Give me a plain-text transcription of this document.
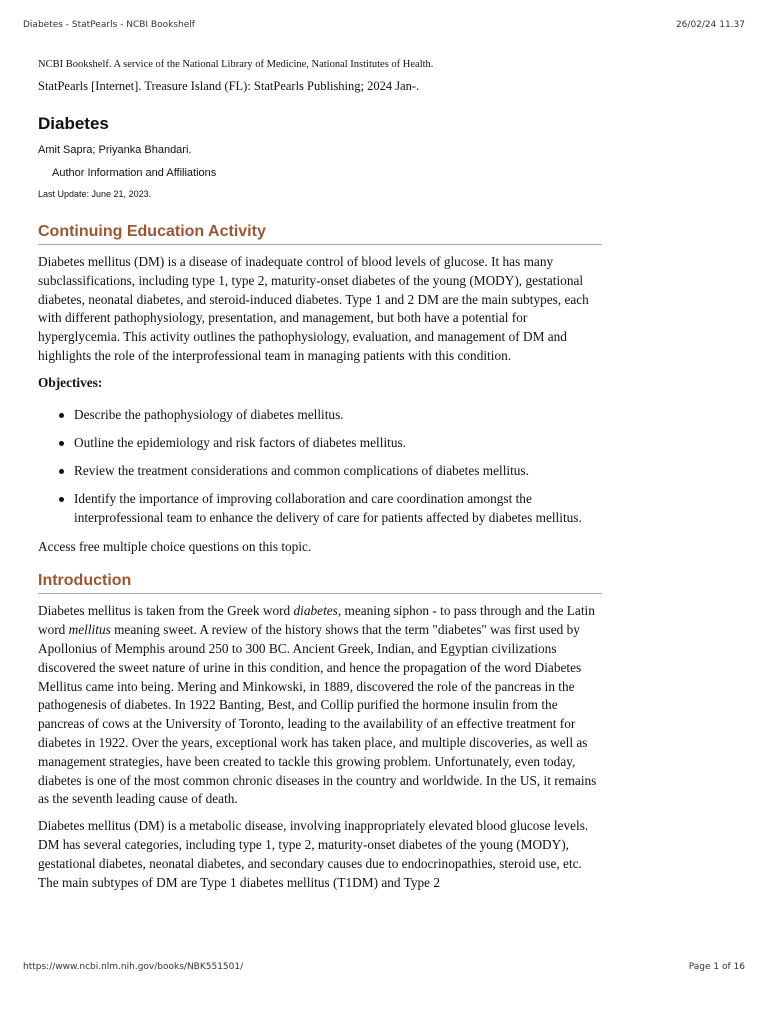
Diabetes - StatPearls - NCBI Bookshelf	26/02/24 11.37

NCBI Bookshelf. A service of the National Library of Medicine, National Institutes of Health.

StatPearls [Internet]. Treasure Island (FL): StatPearls Publishing; 2024 Jan-.

Diabetes

Amit Sapra; Priyanka Bhandari.

Author Information and Affiliations

Last Update: June 21, 2023.

Continuing Education Activity

Diabetes mellitus (DM) is a disease of inadequate control of blood levels of glucose. It has many subclassifications, including type 1, type 2, maturity-onset diabetes of the young (MODY), gestational diabetes, neonatal diabetes, and steroid-induced diabetes. Type 1 and 2 DM are the main subtypes, each with different pathophysiology, presentation, and management, but both have a potential for hyperglycemia. This activity outlines the pathophysiology, evaluation, and management of DM and highlights the role of the interprofessional team in managing patients with this condition.

Objectives:

Describe the pathophysiology of diabetes mellitus.
Outline the epidemiology and risk factors of diabetes mellitus.
Review the treatment considerations and common complications of diabetes mellitus.
Identify the importance of improving collaboration and care coordination amongst the interprofessional team to enhance the delivery of care for patients affected by diabetes mellitus.

Access free multiple choice questions on this topic.

Introduction

Diabetes mellitus is taken from the Greek word diabetes, meaning siphon - to pass through and the Latin word mellitus meaning sweet. A review of the history shows that the term "diabetes" was first used by Apollonius of Memphis around 250 to 300 BC. Ancient Greek, Indian, and Egyptian civilizations discovered the sweet nature of urine in this condition, and hence the propagation of the word Diabetes Mellitus came into being. Mering and Minkowski, in 1889, discovered the role of the pancreas in the pathogenesis of diabetes. In 1922 Banting, Best, and Collip purified the hormone insulin from the pancreas of cows at the University of Toronto, leading to the availability of an effective treatment for diabetes in 1922. Over the years, exceptional work has taken place, and multiple discoveries, as well as management strategies, have been created to tackle this growing problem. Unfortunately, even today, diabetes is one of the most common chronic diseases in the country and worldwide. In the US, it remains as the seventh leading cause of death.

Diabetes mellitus (DM) is a metabolic disease, involving inappropriately elevated blood glucose levels. DM has several categories, including type 1, type 2, maturity-onset diabetes of the young (MODY), gestational diabetes, neonatal diabetes, and secondary causes due to endocrinopathies, steroid use, etc. The main subtypes of DM are Type 1 diabetes mellitus (T1DM) and Type 2

https://www.ncbi.nlm.nih.gov/books/NBK551501/	Page 1 of 16
